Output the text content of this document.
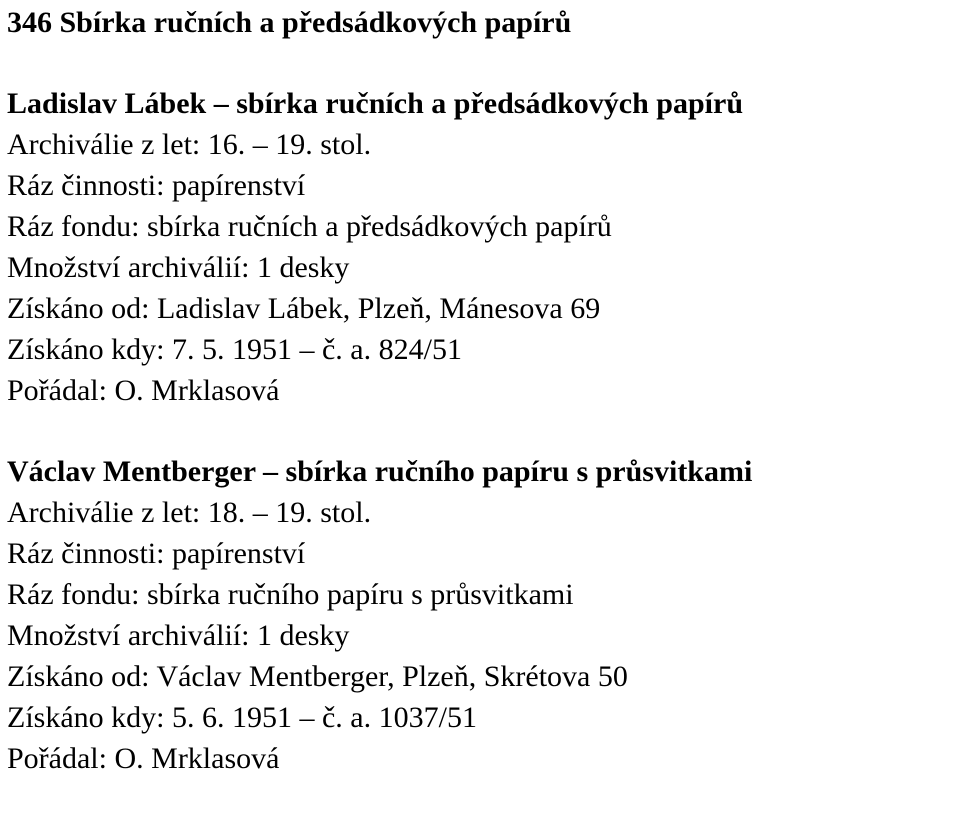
346 Sbírka ručních a předsádkových papírů
Ladislav Lábek – sbírka ručních a předsádkových papírů
Archiválie z let: 16. – 19. stol.
Ráz činnosti: papírenství
Ráz fondu: sbírka ručních a předsádkových papírů
Množství archiválií: 1 desky
Získáno od: Ladislav Lábek, Plzeň, Mánesova 69
Získáno kdy: 7. 5. 1951 – č. a. 824/51
Pořádal: O. Mrklasová
Václav Mentberger – sbírka ručního papíru s průsvitkami
Archiválie z let: 18. – 19. stol.
Ráz činnosti: papírenství
Ráz fondu: sbírka ručního papíru s průsvitkami
Množství archiválií: 1 desky
Získáno od: Václav Mentberger, Plzeň, Skrétova 50
Získáno kdy: 5. 6. 1951 – č. a. 1037/51
Pořádal: O. Mrklasová
